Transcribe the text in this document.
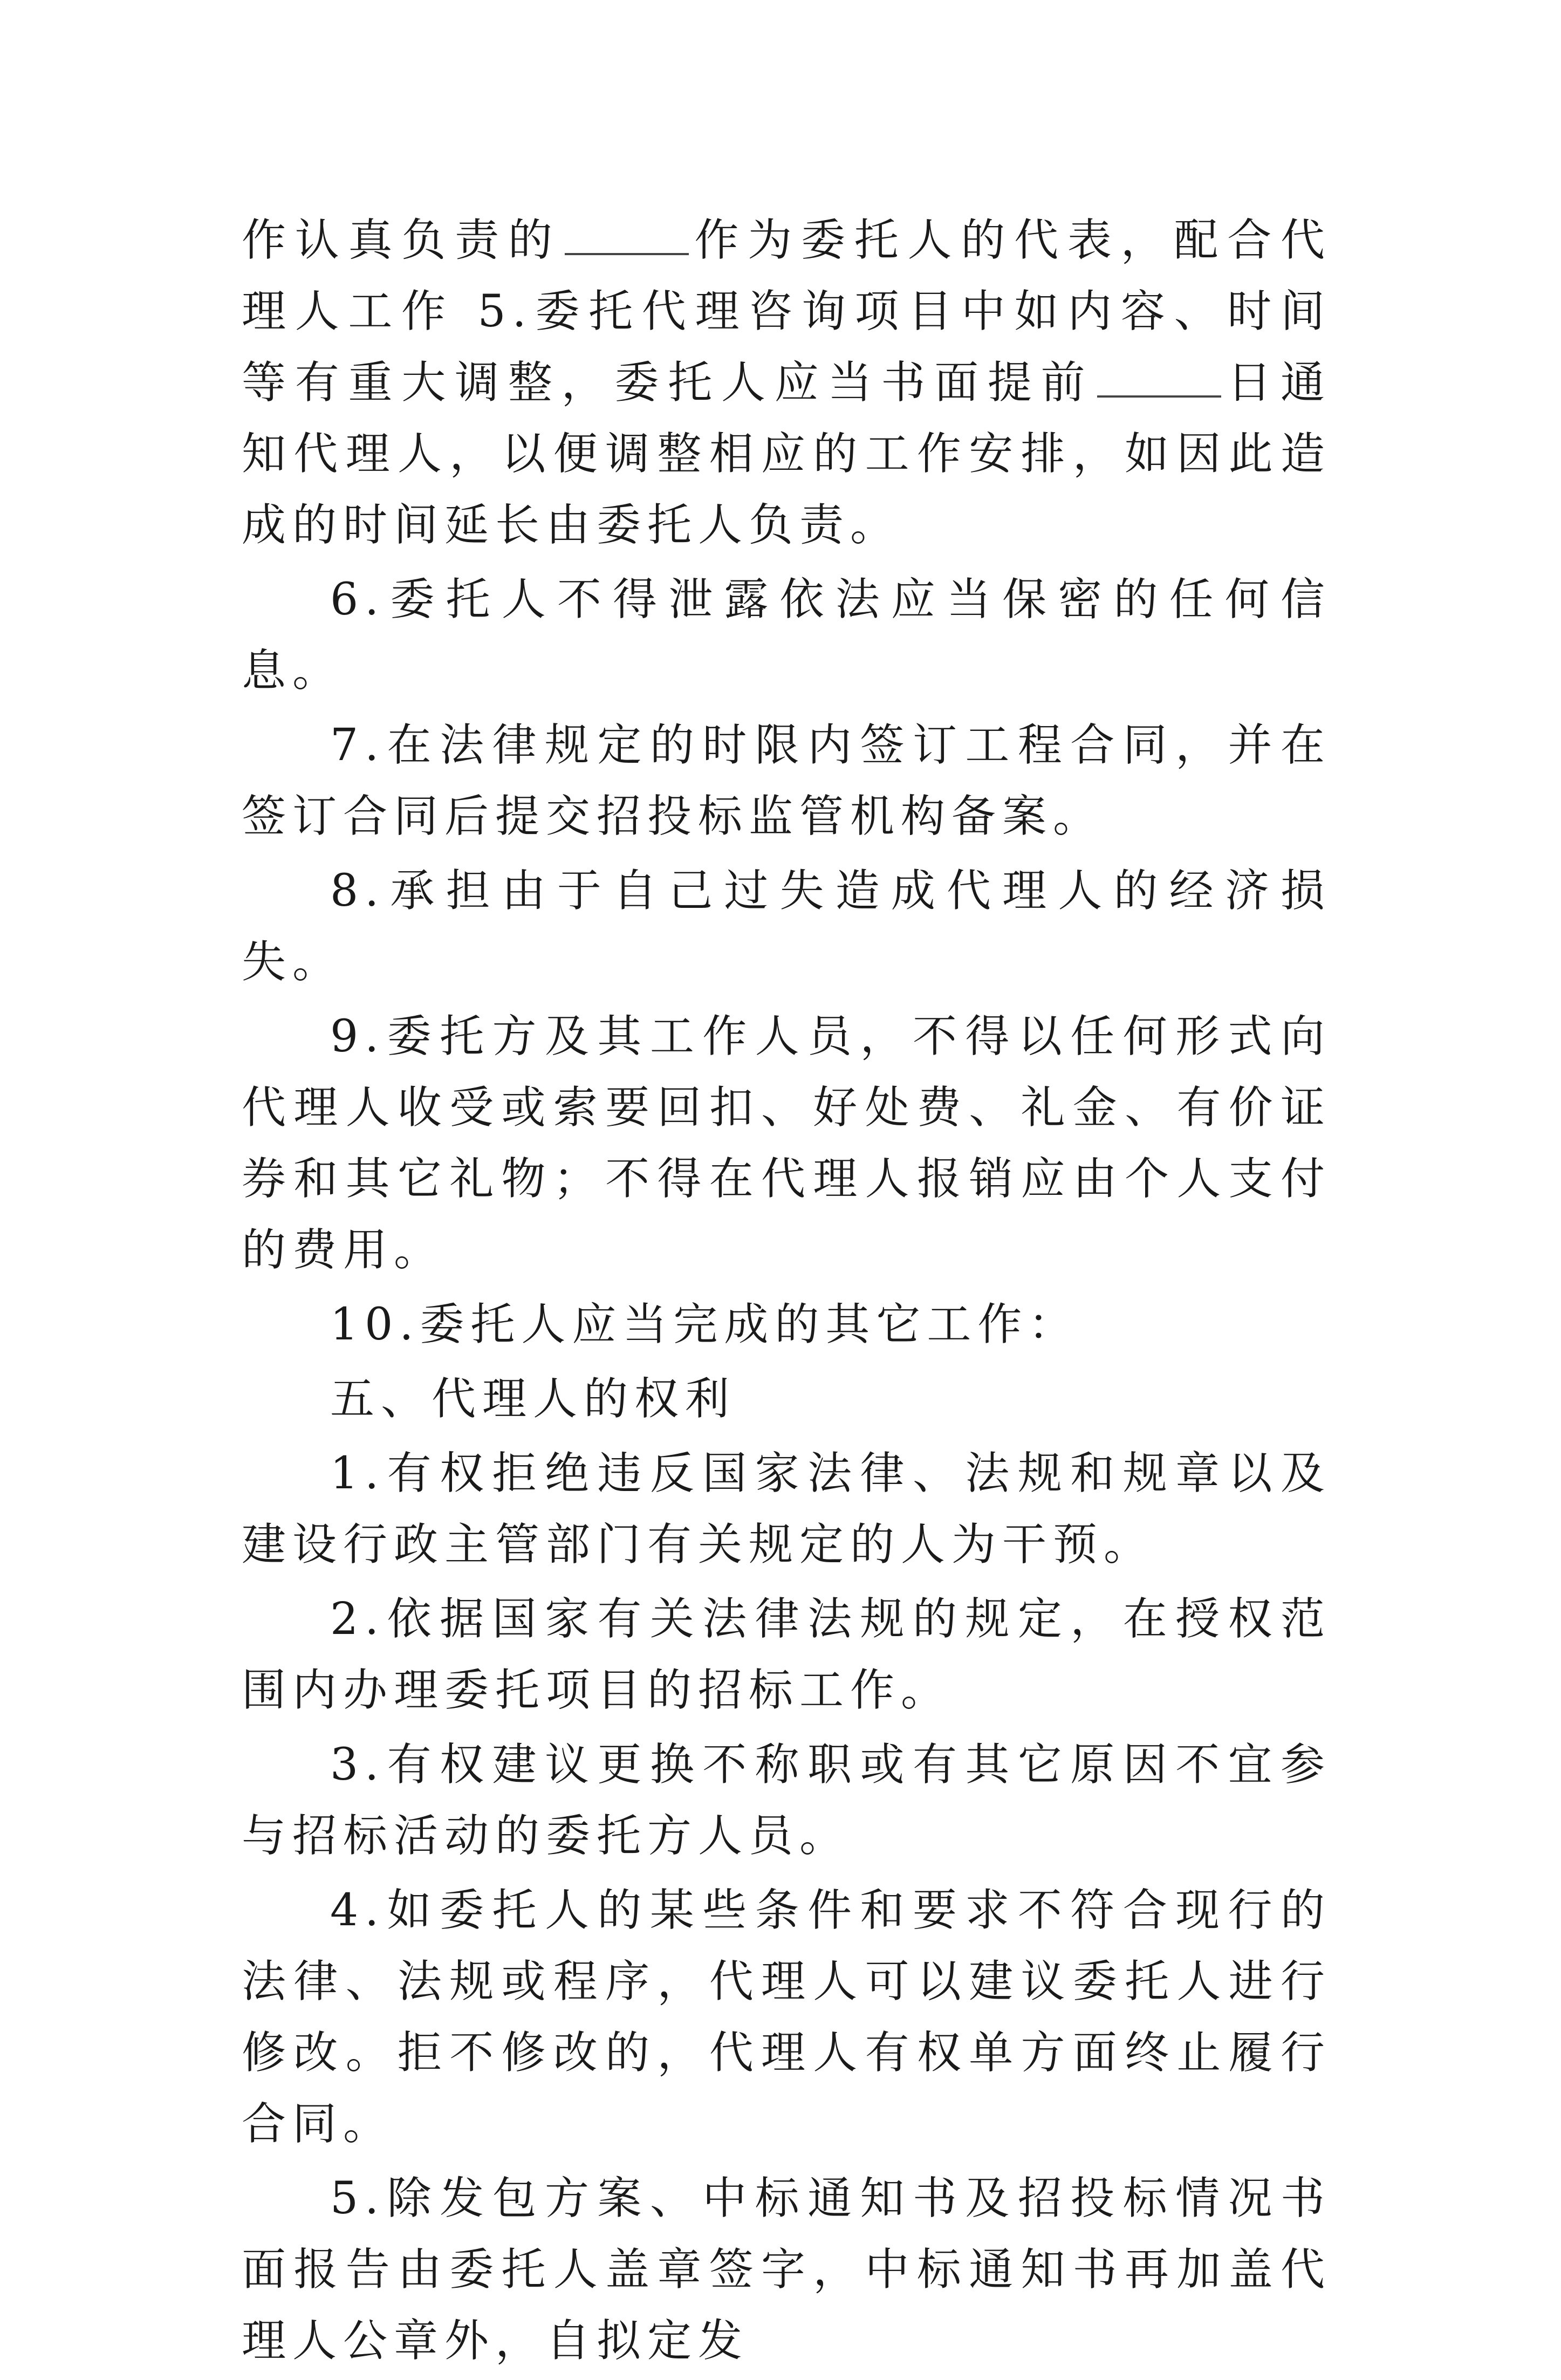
作认真负责的	作为委托人的代表，配合代理人工作 5.委托代理咨询项目中如内容、时间等有重大调整，委托人应当书面提前	日通知代理人，以便调整相应的工作安排，如因此造成的时间延长由委托人负责。

6.委托人不得泄露依法应当保密的任何信息。

7.在法律规定的时限内签订工程合同，并在签订合同后提交招投标监管机构备案。

8.承担由于自己过失造成代理人的经济损失。

9.委托方及其工作人员，不得以任何形式向代理人收受或索要回扣、好处费、礼金、有价证券和其它礼物；不得在代理人报销应由个人支付的费用。

10.委托人应当完成的其它工作：

五、代理人的权利

1.有权拒绝违反国家法律、法规和规章以及建设行政主管部门有关规定的人为干预。

2.依据国家有关法律法规的规定，在授权范围内办理委托项目的招标工作。

3.有权建议更换不称职或有其它原因不宜参与招标活动的委托方人员。

4.如委托人的某些条件和要求不符合现行的法律、法规或程序，代理人可以建议委托人进行修改。拒不修改的，代理人有权单方面终止履行合同。

5.除发包方案、中标通知书及招投标情况书面报告由委托人盖章签字，中标通知书再加盖代理人公章外，自拟定发
